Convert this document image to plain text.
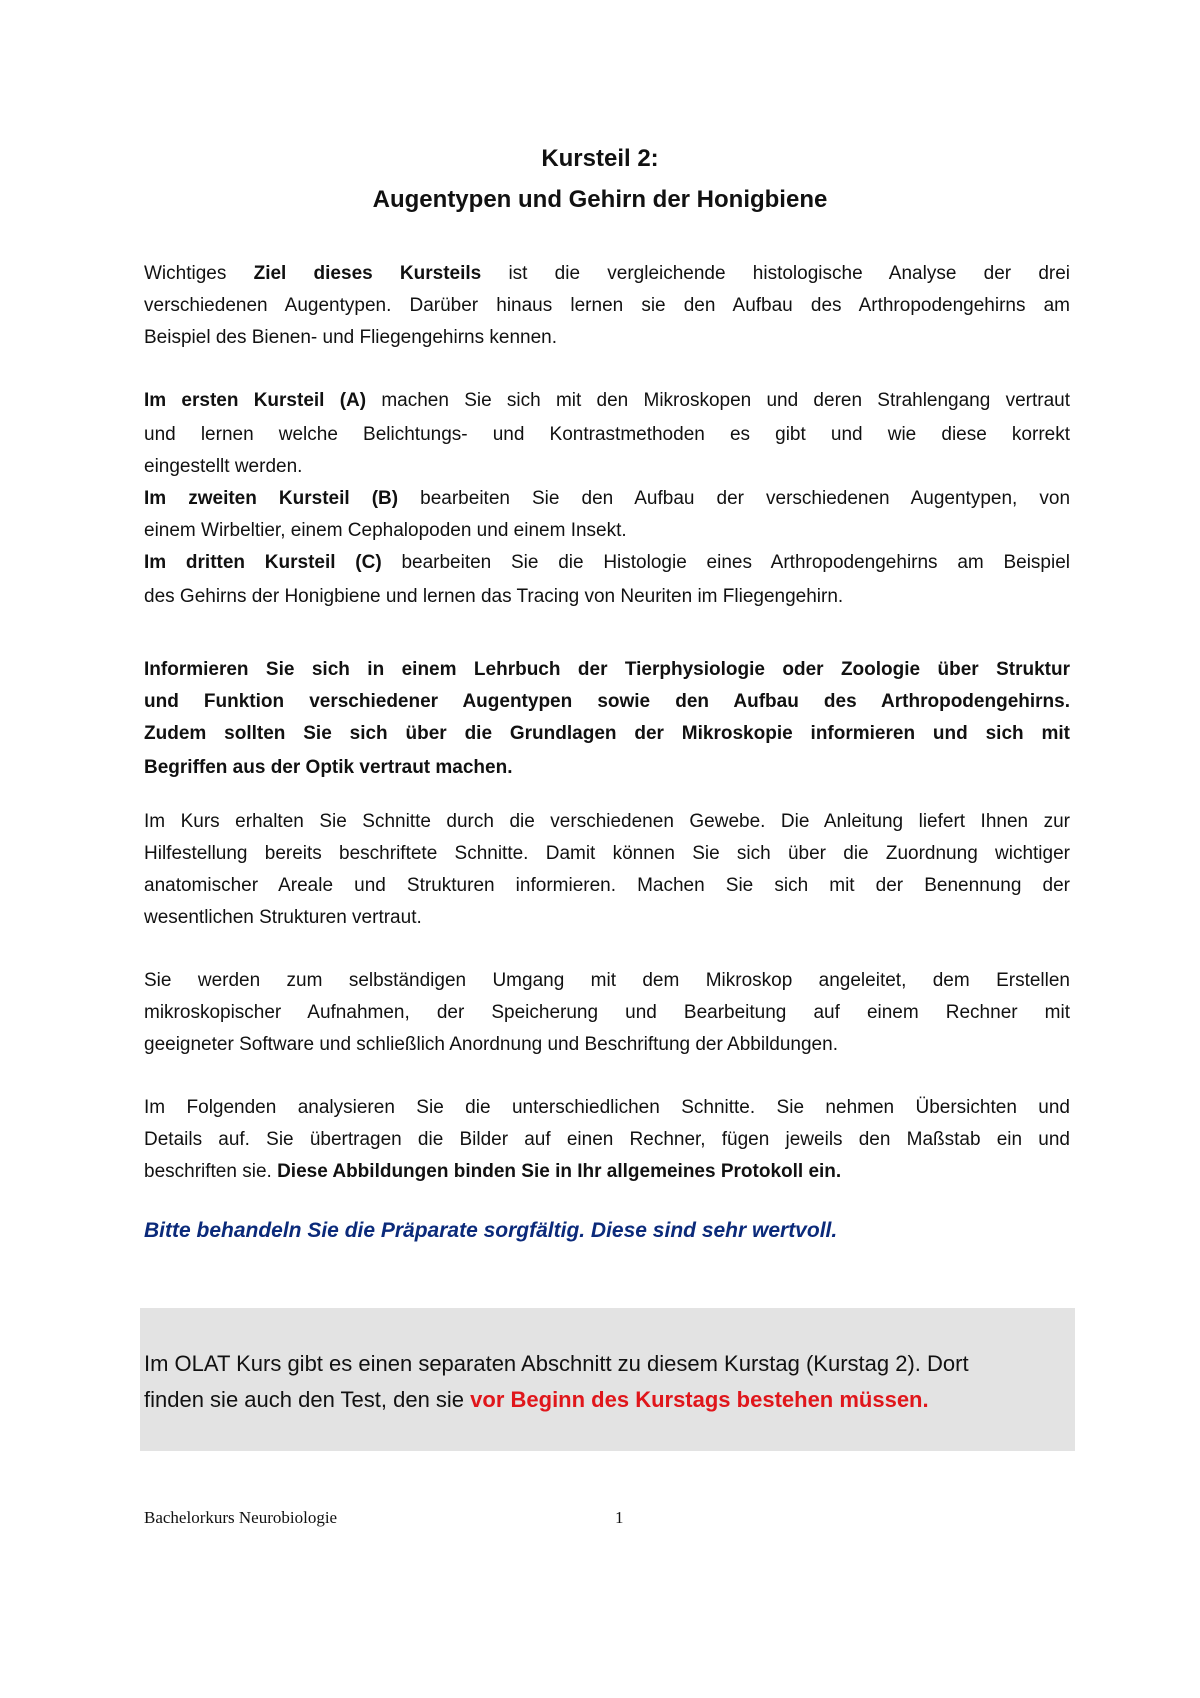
Kursteil 2:
Augentypen und Gehirn der Honigbiene
Wichtiges Ziel dieses Kursteils ist die vergleichende histologische Analyse der drei
verschiedenen Augentypen. Darüber hinaus lernen sie den Aufbau des Arthropodengehirns am
Beispiel des Bienen- und Fliegengehirns kennen.
Im ersten Kursteil (A) machen Sie sich mit den Mikroskopen und deren Strahlengang vertraut
und lernen welche Belichtungs- und Kontrastmethoden es gibt und wie diese korrekt
eingestellt werden.
Im zweiten Kursteil (B) bearbeiten Sie den Aufbau der verschiedenen Augentypen, von
einem Wirbeltier, einem Cephalopoden und einem Insekt.
Im dritten Kursteil (C) bearbeiten Sie die Histologie eines Arthropodengehirns am Beispiel
des Gehirns der Honigbiene und lernen das Tracing von Neuriten im Fliegengehirn.
Informieren Sie sich in einem Lehrbuch der Tierphysiologie oder Zoologie über Struktur
und Funktion verschiedener Augentypen sowie den Aufbau des Arthropodengehirns.
Zudem sollten Sie sich über die Grundlagen der Mikroskopie informieren und sich mit
Begriffen aus der Optik vertraut machen.
Im Kurs erhalten Sie Schnitte durch die verschiedenen Gewebe. Die Anleitung liefert Ihnen zur
Hilfestellung bereits beschriftete Schnitte. Damit können Sie sich über die Zuordnung wichtiger
anatomischer Areale und Strukturen informieren. Machen Sie sich mit der Benennung der
wesentlichen Strukturen vertraut.
Sie werden zum selbständigen Umgang mit dem Mikroskop angeleitet, dem Erstellen
mikroskopischer Aufnahmen, der Speicherung und Bearbeitung auf einem Rechner mit
geeigneter Software und schließlich Anordnung und Beschriftung der Abbildungen.
Im Folgenden analysieren Sie die unterschiedlichen Schnitte. Sie nehmen Übersichten und
Details auf. Sie übertragen die Bilder auf einen Rechner, fügen jeweils den Maßstab ein und
beschriften sie. Diese Abbildungen binden Sie in Ihr allgemeines Protokoll ein.
Bitte behandeln Sie die Präparate sorgfältig. Diese sind sehr wertvoll.
Im OLAT Kurs gibt es einen separaten Abschnitt zu diesem Kurstag (Kurstag 2). Dort
finden sie auch den Test, den sie vor Beginn des Kurstags bestehen müssen.
Bachelorkurs Neurobiologie	1
